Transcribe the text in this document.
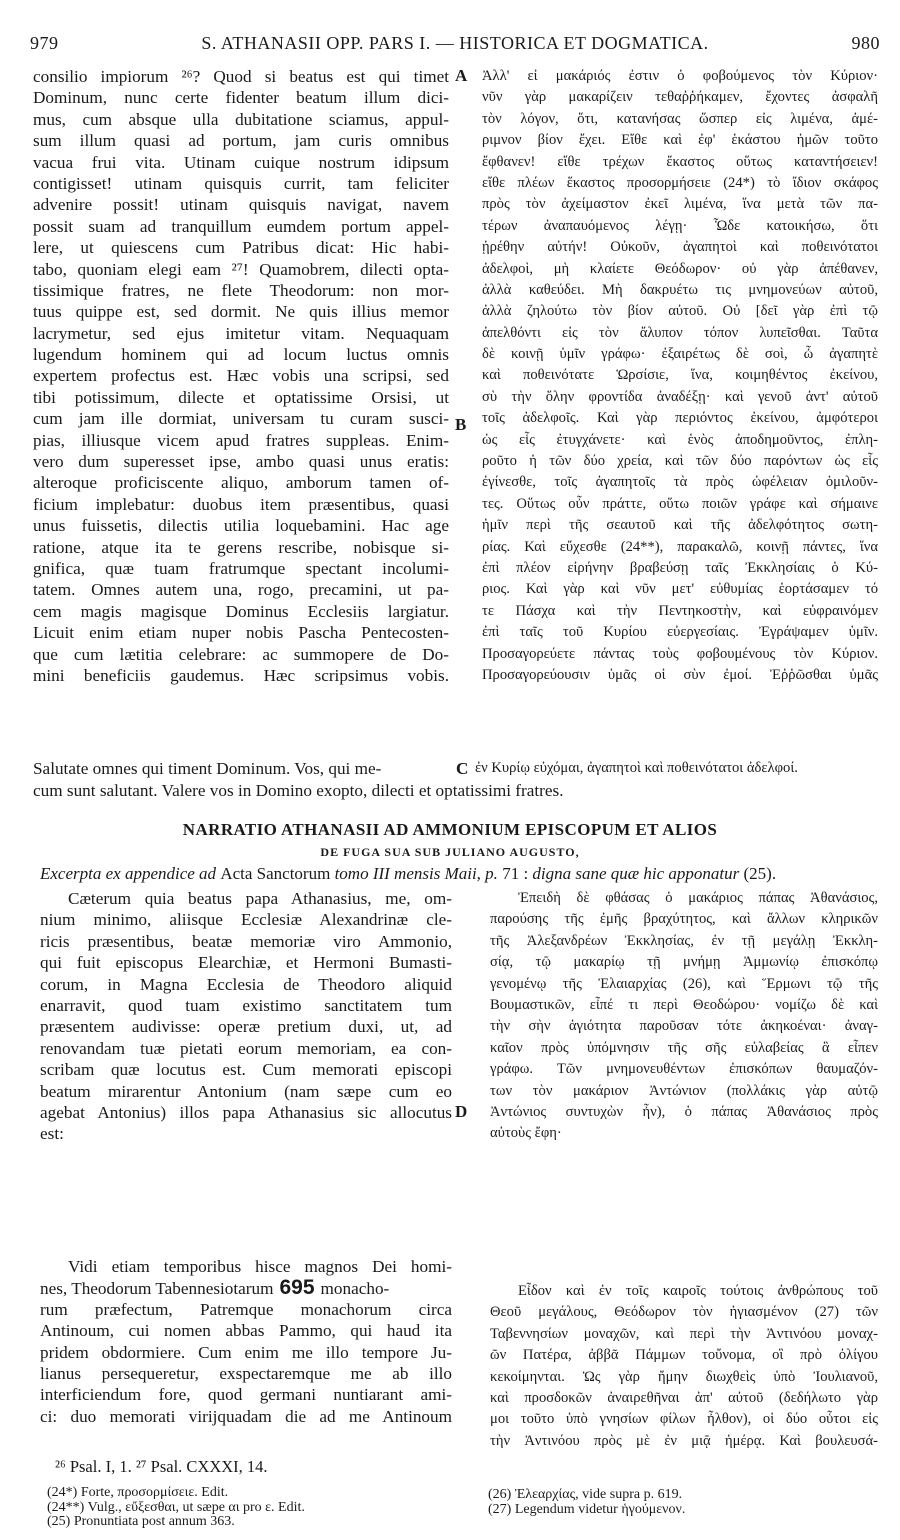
979	S. ATHANASII OPP. PARS I. — HISTORICA ET DOGMATICA.	980
consilio impiorum ²⁶? Quod si beatus est qui timet
Dominum, nunc certe fidenter beatum illum dici-
mus, cum absque ulla dubitatione sciamus, appul-
sum illum quasi ad portum, jam curis omnibus
vacua frui vita. Utinam cuique nostrum idipsum
contigisset! utinam quisquis currit, tam feliciter
advenire possit! utinam quisquis navigat, navem
possit suam ad tranquillum eumdem portum appel-
lere, ut quiescens cum Patribus dicat: Hic habi-
tabo, quoniam elegi eam ²⁷! Quamobrem, dilecti opta-
tissimique fratres, ne flete Theodorum: non mor-
tuus quippe est, sed dormit. Ne quis illius memor
lacrymetur, sed ejus imitetur vitam. Nequaquam
lugendum hominem qui ad locum luctus omnis
expertem profectus est. Hæc vobis una scripsi, sed
tibi potissimum, dilecte et optatissime Orsisi, ut
cum jam ille dormiat, universam tu curam susci-
pias, illiusque vicem apud fratres suppleas. Enim-
vero dum superesset ipse, ambo quasi unus eratis:
alteroque proficiscente aliquo, amborum tamen of-
ficium implebatur: duobus item præsentibus, quasi
unus fuissetis, dilectis utilia loquebamini. Hac age
ratione, atque ita te gerens rescribe, nobisque si-
gnifica, quæ tuam fratrumque spectant incolumi-
tatem. Omnes autem una, rogo, precamini, ut pa-
cem magis magisque Dominus Ecclesiis largiatur.
Licuit enim etiam nuper nobis Pascha Pentecosten-
que cum lætitia celebrare: ac summopere de Do-
mini beneficiis gaudemus. Hæc scripsimus vobis.
A
B
Ἀλλ' εἰ μακάριός ἐστιν ὁ φοβούμενος τὸν Κύριον·
νῦν γὰρ μακαρίζειν τεθαῤῥήκαμεν, ἔχοντες ἀσφαλῆ
τὸν λόγον, ὅτι, κατανήσας ὥσπερ εἰς λιμένα, ἀμέ-
ριμνον βίον ἔχει. Εἴθε καὶ ἐφ' ἑκάστου ἡμῶν τοῦτο
ἔφθανεν! εἴθε τρέχων ἕκαστος οὕτως καταντήσειεν!
εἴθε πλέων ἕκαστος προσορμήσειε (24*) τὸ ἴδιον σκάφος
πρὸς τὸν ἀχείμαστον ἐκεῖ λιμένα, ἵνα μετὰ τῶν πα-
τέρων ἀναπαυόμενος λέγῃ· Ὧδε κατοικήσω, ὅτι
ᾑρέθην αὐτήν! Οὐκοῦν, ἀγαπητοὶ καὶ ποθεινότατοι
ἀδελφοὶ, μὴ κλαίετε Θεόδωρον· οὐ γὰρ ἀπέθανεν,
ἀλλὰ καθεύδει. Μὴ δακρυέτω τις μνημονεύων αὐτοῦ,
ἀλλὰ ζηλούτω τὸν βίον αὐτοῦ. Οὐ [δεῖ γὰρ ἐπὶ τῷ
ἀπελθόντι εἰς τὸν ἄλυπον τόπον λυπεῖσθαι. Ταῦτα
δὲ κοινῇ ὑμῖν γράφω· ἐξαιρέτως δὲ σοὶ, ὦ ἀγαπητὲ
καὶ ποθεινότατε Ὡρσίσιε, ἵνα, κοιμηθέντος ἐκείνου,
σὺ τὴν ὅλην φροντίδα ἀναδέξῃ· καὶ γενοῦ ἀντ' αὐτοῦ
τοῖς ἀδελφοῖς. Καὶ γὰρ περιόντος ἐκείνου, ἀμφότεροι
ὡς εἷς ἐτυγχάνετε· καὶ ἑνὸς ἀποδημοῦντος, ἐπλη-
ροῦτο ἡ τῶν δύο χρεία, καὶ τῶν δύο παρόντων ὡς εἷς
ἐγίνεσθε, τοῖς ἀγαπητοῖς τὰ πρὸς ὠφέλειαν ὁμιλοῦν-
τες. Οὕτως οὖν πράττε, οὕτω ποιῶν γράφε καὶ σήμαινε
ἡμῖν περὶ τῆς σεαυτοῦ καὶ τῆς ἀδελφότητος σωτη-
ρίας. Καὶ εὔχεσθε (24**), παρακαλῶ, κοινῇ πάντες, ἵνα
ἐπὶ πλέον εἰρήνην βραβεύσῃ ταῖς Ἐκκλησίαις ὁ Κύ-
ριος. Καὶ γὰρ καὶ νῦν μετ' εὐθυμίας ἑορτάσαμεν τό
τε Πάσχα καὶ τὴν Πεντηκοστὴν, καὶ εὐφραινόμεν
ἐπὶ ταῖς τοῦ Κυρίου εὐεργεσίαις. Ἐγράψαμεν ὑμῖν.
Προσαγορεύετε πάντας τοὺς φοβουμένους τὸν Κύριον.
Προσαγορεύουσιν ὑμᾶς οἱ σὺν ἐμοί. Ἐῤῥῶσθαι ὑμᾶς
Salutate omnes qui timent Dominum. Vos, qui me-	C ἐν Κυρίῳ εὐχόμαι, ἀγαπητοὶ καὶ ποθεινότατοι ἀδελφοί.
cum sunt salutant. Valere vos in Domino exopto, dilecti et optatissimi fratres.
NARRATIO ATHANASII AD AMMONIUM EPISCOPUM ET ALIOS
DE FUGA SUA SUB JULIANO AUGUSTO,
Excerpta ex appendice ad Acta Sanctorum tomo III mensis Maii, p. 71 : digna sane quæ hic apponatur (25).
Cæterum quia beatus papa Athanasius, me, om-
nium minimo, aliisque Ecclesiæ Alexandrinæ cle-
ricis præsentibus, beatæ memoriæ viro Ammonio,
qui fuit episcopus Elearchiæ, et Hermoni Bumasti-
corum, in Magna Ecclesia de Theodoro aliquid
enarravit, quod tuam existimo sanctitatem tum
præsentem audivisse: operæ pretium duxi, ut, ad
renovandam tuæ pietati eorum memoriam, ea con-
scribam quæ locutus est. Cum memorati episcopi
beatum mirarentur Antonium (nam sæpe cum eo
agebat Antonius) illos papa Athanasius sic allocutus
est:
D
Ἐπειδὴ δὲ φθάσας ὁ μακάριος πάπας Ἀθανάσιος,
παρούσης τῆς ἐμῆς βραχύτητος, καὶ ἄλλων κληρικῶν
τῆς Ἀλεξανδρέων Ἐκκλησίας, ἐν τῇ μεγάλῃ Ἐκκλη-
σίᾳ, τῷ μακαρίῳ τῇ μνήμῃ Ἀμμωνίῳ ἐπισκόπῳ
γενομένῳ τῆς Ἐλαιαρχίας (26), καὶ Ἕρμωνι τῷ τῆς
Βουμαστικῶν, εἶπέ τι περὶ Θεοδώρου· νομίζω δὲ καὶ
τὴν σὴν ἁγιότητα παροῦσαν τότε ἀκηκοέναι· ἀναγ-
καῖον πρὸς ὑπόμνησιν τῆς σῆς εὐλαβείας ἃ εἶπεν
γράφω. Τῶν μνημονευθέντων ἐπισκόπων θαυμαζόν-
των τὸν μακάριον Ἀντώνιον (πολλάκις γὰρ αὐτῷ
Ἀντώνιος συντυχὼν ἦν), ὁ πάπας Ἀθανάσιος πρὸς
αὐτοὺς ἔφη·
Vidi etiam temporibus hisce magnos Dei homi-
nes, Theodorum Tabennesiotarum 695 monacho-
rum præfectum, Patremque monachorum circa
Antinoum, cui nomen abbas Pammo, qui haud ita
pridem obdormiere. Cum enim me illo tempore Ju-
lianus persequeretur, exspectaremque me ab illo
interficiendum fore, quod germani nuntiarant ami-
ci: duo memorati virijquadam die ad me Antinoum
Εἶδον καὶ ἐν τοῖς καιροῖς τούτοις ἀνθρώπους τοῦ
Θεοῦ μεγάλους, Θεόδωρον τὸν ἡγιασμένον (27) τῶν
Ταβεννησίων μοναχῶν, καὶ περὶ τὴν Ἀντινόου μοναχ-
ῶν Πατέρα, ἀββᾶ Πάμμων τοὔνομα, οἳ πρὸ ὀλίγου
κεκοίμηνται. Ὡς γὰρ ἤμην διωχθεὶς ὑπὸ Ἰουλιανοῦ,
καὶ προσδοκῶν ἀναιρεθῆναι ἀπ' αὐτοῦ (δεδήλωτο γὰρ
μοι τοῦτο ὑπὸ γνησίων φίλων ἦλθον), οἱ δύο οὗτοι εἰς
τὴν Ἀντινόου πρὸς μὲ ἐν μιᾷ ἡμέρᾳ. Καὶ βουλευσά-
²⁶ Psal. I, 1. ²⁷ Psal. CXXXI, 14.
(24*) Forte, προσορμίσειε. Edit.
(24**) Vulg., εὔξεσθαι, ut sæpe αι pro ε. Edit.
(25) Pronuntiata post annum 363.
(26) Ἐλεαρχίας, vide supra p. 619.
(27) Legendum videtur ἡγούμενον.
